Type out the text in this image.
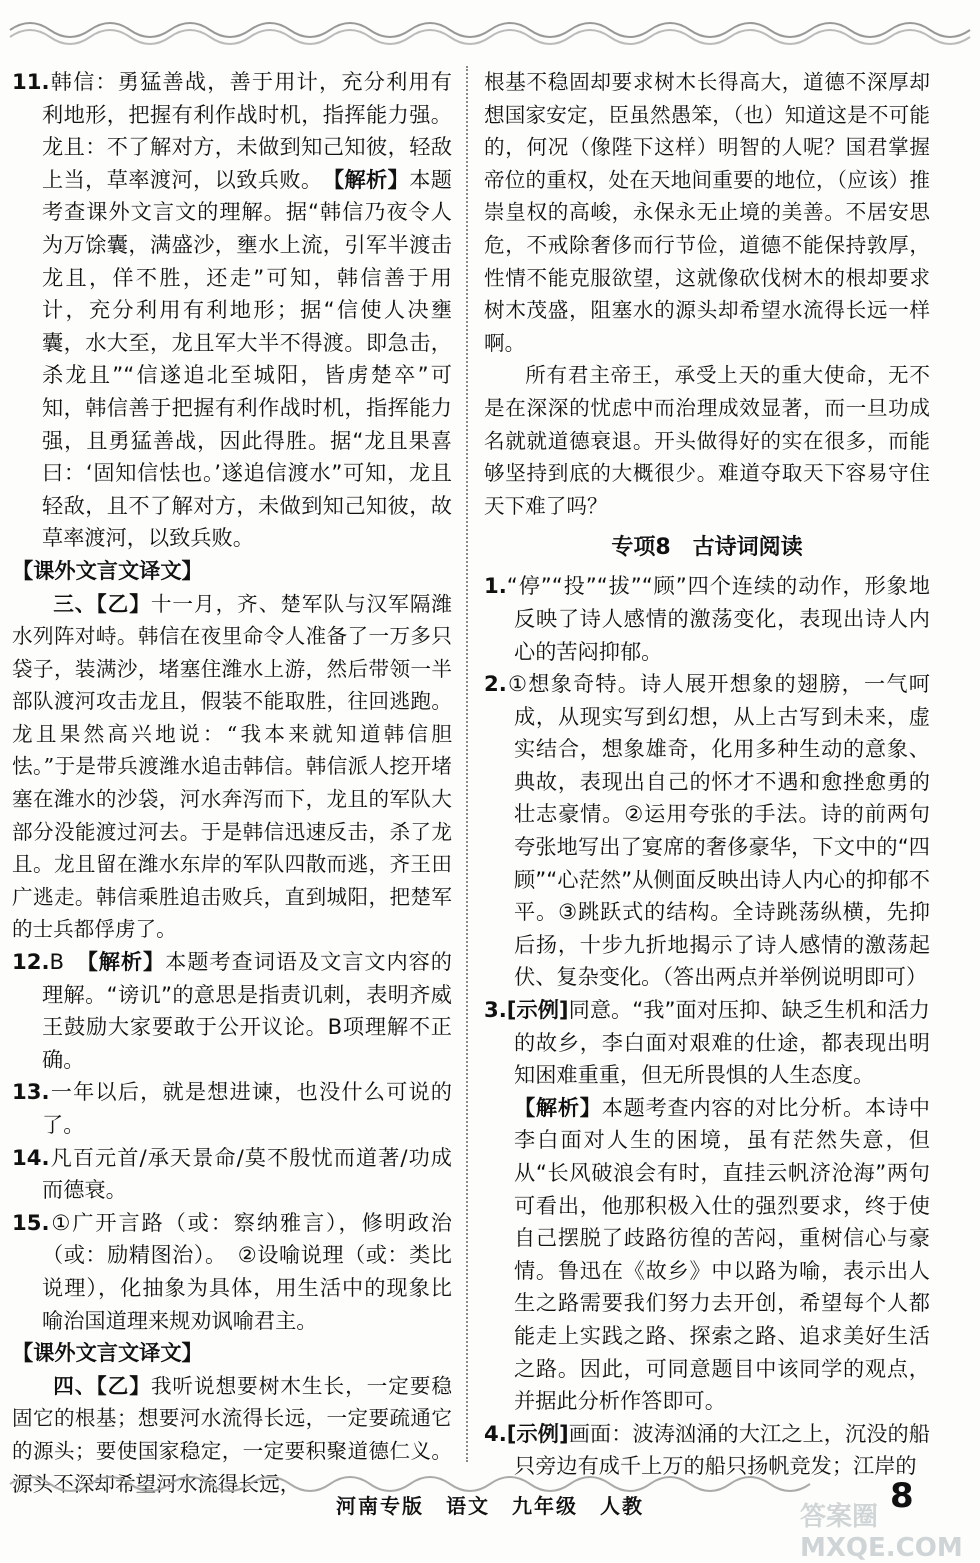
11.韩信：勇猛善战，善于用计，充分利用有利地形，把握有利作战时机，指挥能力强。龙且：不了解对方，未做到知己知彼，轻敌上当，草率渡河，以致兵败。　 【解析】本题考查课外文言文的理解。据“韩信乃夜令人为万馀囊，满盛沙，壅水上流，引军半渡击龙且，佯不胜，还走”可知，韩信善于用计，充分利用有利地形；据“信使人决壅囊，水大至，龙且军大半不得渡。即急击，杀龙且”“信遂追北至城阳，皆虏楚卒”可知，韩信善于把握有利作战时机，指挥能力强，且勇猛善战，因此得胜。据“龙且果喜曰：‘固知信怯也。’遂追信渡水”可知，龙且轻敌，且不了解对方，未做到知己知彼，故草率渡河，以致兵败。

【课外文言文译文】

三、【乙】十一月，齐、楚军队与汉军隔潍水列阵对峙。韩信在夜里命令人准备了一万多只袋子，装满沙，堵塞住潍水上游，然后带领一半部队渡河攻击龙且，假装不能取胜，往回逃跑。龙且果然高兴地说：“我本来就知道韩信胆怯。”于是带兵渡潍水追击韩信。韩信派人挖开堵塞在潍水的沙袋，河水奔泻而下，龙且的军队大部分没能渡过河去。于是韩信迅速反击，杀了龙且。龙且留在潍水东岸的军队四散而逃，齐王田广逃走。韩信乘胜追击败兵，直到城阳，把楚军的士兵都俘虏了。

12.B　 【解析】本题考查词语及文言文内容的理解。“谤讥”的意思是指责讥刺，表明齐威王鼓励大家要敢于公开议论。B项理解不正确。

13.一年以后，就是想进谏，也没什么可说的了。

14.凡百元首/承天景命/莫不殷忧而道著/功成而德衰。

15.①广开言路（或：察纳雅言），修明政治（或：励精图治）。　②设喻说理（或：类比说理），化抽象为具体，用生活中的现象比喻治国道理来规劝讽喻君主。

【课外文言文译文】

四、【乙】我听说想要树木生长，一定要稳固它的根基；想要河水流得长远，一定要疏通它的源头；要使国家稳定，一定要积聚道德仁义。源头不深却希望河水流得长远，

根基不稳固却要求树木长得高大，道德不深厚却想国家安定，臣虽然愚笨，（也）知道这是不可能的，何况（像陛下这样）明智的人呢？国君掌握帝位的重权，处在天地间重要的地位，（应该）推崇皇权的高峻，永保永无止境的美善。不居安思危，不戒除奢侈而行节俭，道德不能保持敦厚，性情不能克服欲望，这就像砍伐树木的根却要求树木茂盛，阻塞水的源头却希望水流得长远一样啊。

所有君主帝王，承受上天的重大使命，无不是在深深的忧虑中而治理成效显著，而一旦功成名就就道德衰退。开头做得好的实在很多，而能够坚持到底的大概很少。难道夺取天下容易守住天下难了吗？

专项8　古诗词阅读

1.“停”“投”“拔”“顾”四个连续的动作，形象地反映了诗人感情的激荡变化，表现出诗人内心的苦闷抑郁。

2.①想象奇特。诗人展开想象的翅膀，一气呵成，从现实写到幻想，从上古写到未来，虚实结合，想象雄奇，化用多种生动的意象、典故，表现出自己的怀才不遇和愈挫愈勇的壮志豪情。②运用夸张的手法。诗的前两句夸张地写出了宴席的奢侈豪华，下文中的“四顾”“心茫然”从侧面反映出诗人内心的抑郁不平。③跳跃式的结构。全诗跳荡纵横，先抑后扬，十步九折地揭示了诗人感情的激荡起伏、复杂变化。（答出两点并举例说明即可）

3.[示例]同意。“我”面对压抑、缺乏生机和活力的故乡，李白面对艰难的仕途，都表现出明知困难重重，但无所畏惧的人生态度。

【解析】本题考查内容的对比分析。本诗中李白面对人生的困境，虽有茫然失意，但从“长风破浪会有时，直挂云帆济沧海”两句可看出，他那积极入仕的强烈要求，终于使自己摆脱了歧路彷徨的苦闷，重树信心与豪情。鲁迅在《故乡》中以路为喻，表示出人生之路需要我们努力去开创，希望每个人都能走上实践之路、探索之路、追求美好生活之路。因此，可同意题目中该同学的观点，并据此分析作答即可。

4.[示例]画面：波涛汹涌的大江之上，沉没的船只旁边有成千上万的船只扬帆竞发；江岸的

河南专版　语文　九年级　人教	答案圈 MXQE.COM
8
